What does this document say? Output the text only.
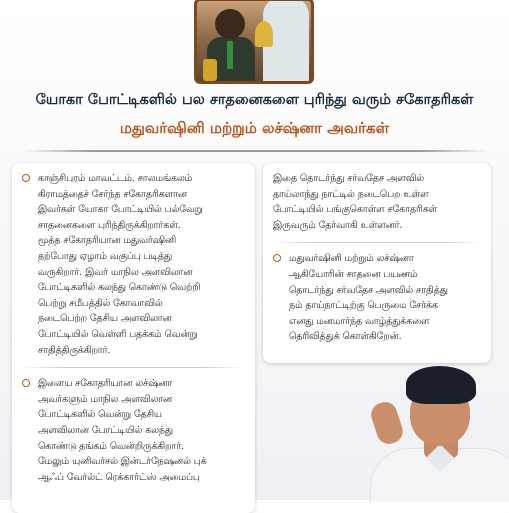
யோகா போட்டிகளில் பல சாதனைகளை புரிந்து வரும் சகோதரிகள்
மதுவர்ஷினி மற்றும் லச்ஷ்னா அவர்கள்
காஞ்சிபுரம் மாவட்டம். சாலமங்கலம்
கிராமத்தைச் சேர்ந்த சகோதரிகளான
இவர்கள் யோகா போட்டியில் பல்வேறு
சாதனைகளை புரிந்திருக்கிறார்கள்.
மூத்த சகோதரியான மதுவர்ஷினி
தற்போது ஏழாம் வகுப்பு படித்து
வருகிறார். இவர் மாநில அளவிலான
போட்டிகளில் கலந்து கொண்டு வெற்றி
பெற்று சமீபத்தில் கோவாவில்
நடைபெற்ற தேசிய அளவிலான
போட்டியில் வெள்ளி பதக்கம் வென்று
சாதித்திருக்கிறார்.
இளைய சகோதரியான லச்ஷ்னா
அவர்களும் மாநில அளவிலான
போட்டிகளில் வென்று தேசிய
அளவிலான போட்டியில் கலந்து
கொண்டு தங்கம் வென்றிருக்கிறார்.
மேலும் யுனிவர்சல் இன்டர்நேஷனல் புக்
ஆஃப் வேர்ல்ட் ரெக்கார்ட்ஸ் அமைப்பு
இதை தொடர்ந்து சர்வதேச அளவில்
தாய்லாந்து நாட்டில் நடைபெற உள்ள
போட்டியில் பங்குகொள்ள சகோதரிகள்
இருவரும் தேர்வாகி உள்ளனர்.
மதுவர்ஷினி மற்றும் லச்ஷ்னா
ஆகியோரின் சாதனை பயணம்
தொடர்ந்து சர்வதேச அளவில் சாதித்து
நம் தாய்நாட்டிற்கு பெருமை சேர்க்க
எனது மனமார்ந்த வாழ்த்துக்களை
தெரிவித்துக் கொள்கிறேன்.
